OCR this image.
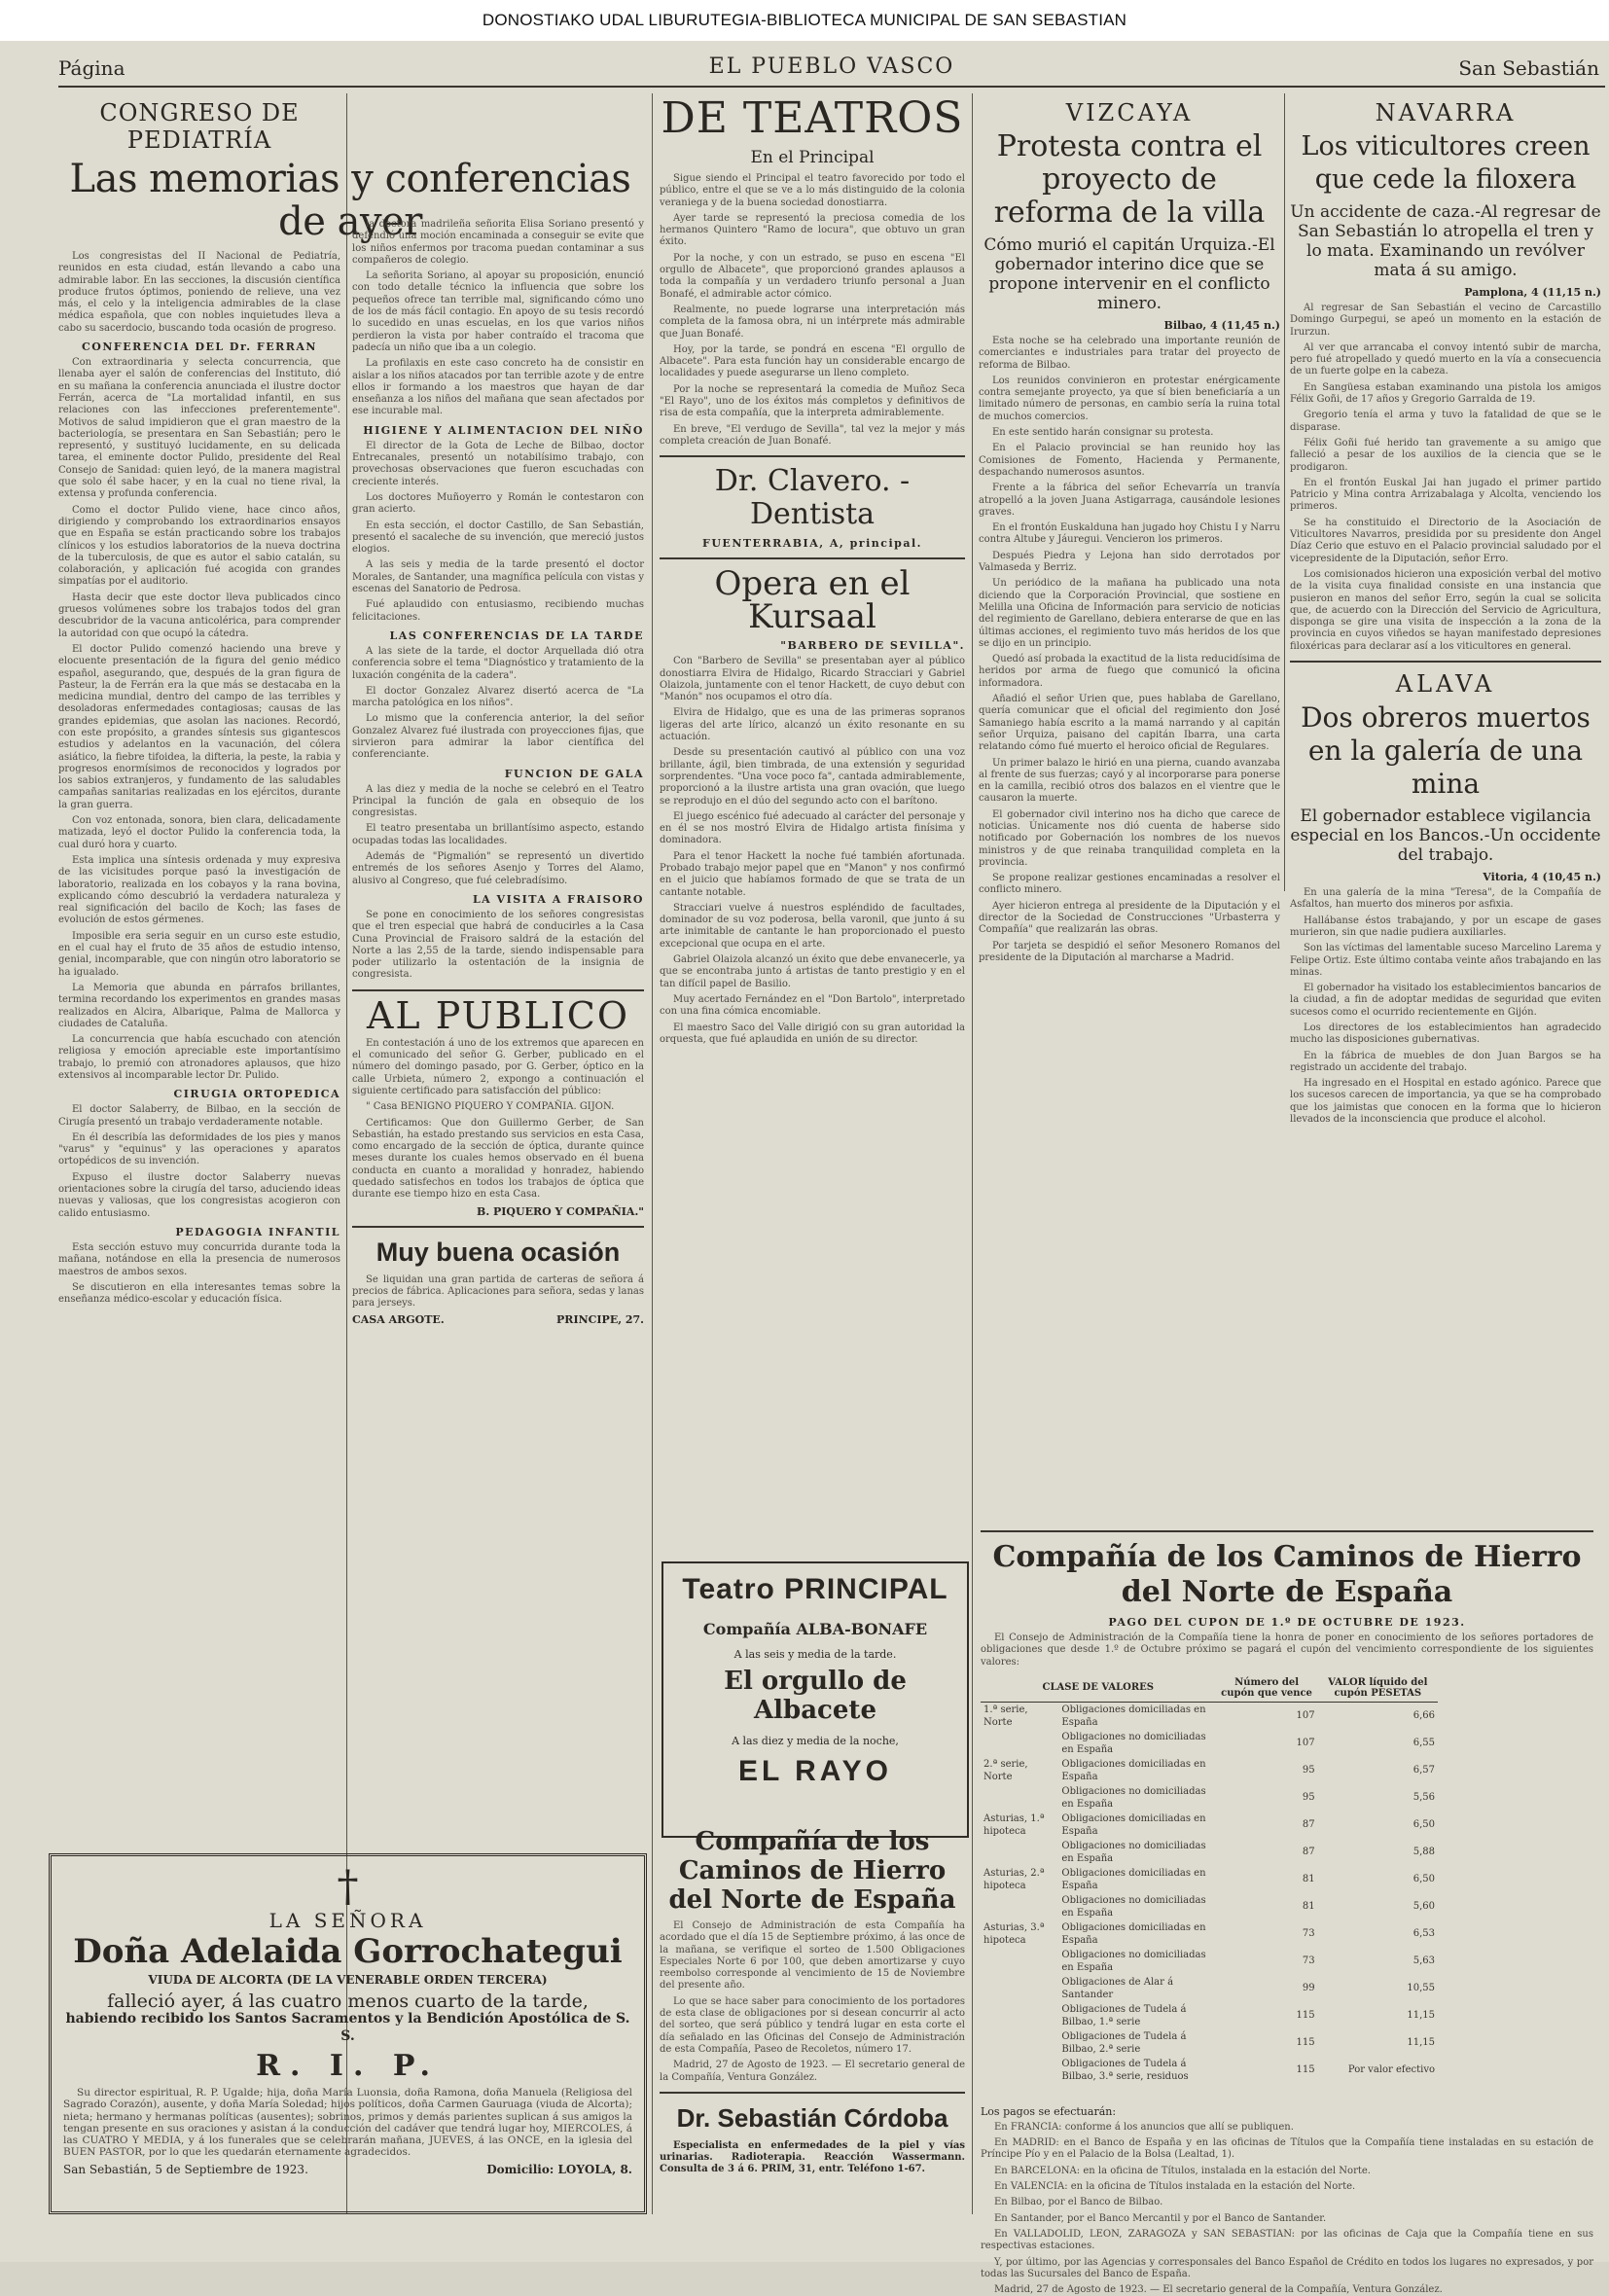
DONOSTIAKO UDAL LIBURUTEGIA-BIBLIOTECA MUNICIPAL DE SAN SEBASTIAN
Página	EL PUEBLO VASCO	San Sebastián
CONGRESO DE PEDIATRÍA
Las memorias y conferencias de ayer

Los congresistas del II Nacional de Pediatría, reunidos en esta ciudad, están llevando a cabo una admirable labor. En las secciones, la discusión científica produce frutos óptimos, poniendo de relieve, una vez más, el celo y la inteligencia admirables de la clase médica española, que con nobles inquietudes lleva a cabo su sacerdocio, buscando toda ocasión de progreso.

CONFERENCIA DEL Dr. FERRAN

Con extraordinaria y selecta concurrencia, que llenaba ayer el salón de conferencias del Instituto, dió en su mañana la conferencia anunciada el ilustre doctor Ferrán, acerca de "La mortalidad infantil, en sus relaciones con las infecciones preferentemente". Motivos de salud impidieron que el gran maestro de la bacteriología, se presentara en San Sebastián; pero le representó, y sustituyó lucidamente, en su delicada tarea, el eminente doctor Pulido, presidente del Real Consejo de Sanidad: quien leyó, de la manera magistral que solo él sabe hacer, y en la cual no tiene rival, la extensa y profunda conferencia.

Como el doctor Pulido viene, hace cinco años, dirigiendo y comprobando los extraordinarios ensayos que en España se están practicando sobre los trabajos clínicos y los estudios laboratorios de la nueva doctrina de la tuberculosis, de que es autor el sabio catalán, su colaboración, y aplicación fué acogida con grandes simpatías por el auditorio.

Hasta decir que este doctor lleva publicados cinco gruesos volúmenes sobre los trabajos todos del gran descubridor de la vacuna anticolérica, para comprender la autoridad con que ocupó la cátedra.

El doctor Pulido comenzó haciendo una breve y elocuente presentación de la figura del genio médico español, asegurando, que, después de la gran figura de Pasteur, la de Ferrán era la que más se destacaba en la medicina mundial, dentro del campo de las terribles y desoladoras enfermedades contagiosas; causas de las grandes epidemias, que asolan las naciones. Recordó, con este propósito, a grandes síntesis sus gigantescos estudios y adelantos en la vacunación, del cólera asiático, la fiebre tifoidea, la difteria, la peste, la rabia y progresos enormísimos de reconocidos y logrados por los sabios extranjeros, y fundamento de las saludables campañas sanitarias realizadas en los ejércitos, durante la gran guerra.

Con voz entonada, sonora, bien clara, delicadamente matizada, leyó el doctor Pulido la conferencia toda, la cual duró hora y cuarto.

Esta implica una síntesis ordenada y muy expresiva de las vicisitudes porque pasó la investigación de laboratorio, realizada en los cobayos y la rana bovina, explicando cómo descubrió la verdadera naturaleza y real significación del bacilo de Koch; las fases de evolución de estos gérmenes.

Imposible era seria seguir en un curso este estudio, en el cual hay el fruto de 35 años de estudio intenso, genial, incomparable, que con ningún otro laboratorio se ha igualado.

La Memoria que abunda en párrafos brillantes, termina recordando los experimentos en grandes masas realizados en Alcira, Albarique, Palma de Mallorca y ciudades de Cataluña.

La concurrencia que había escuchado con atención religiosa y emoción apreciable este importantísimo trabajo, lo premió con atronadores aplausos, que hizo extensivos al incomparable lector Dr. Pulido.

CIRUGIA ORTOPEDICA

El doctor Salaberry, de Bilbao, en la sección de Cirugía presentó un trabajo verdaderamente notable.

En él describía las deformidades de los pies y manos "varus" y "equinus" y las operaciones y aparatos ortopédicos de su invención.

Expuso el ilustre doctor Salaberry nuevas orientaciones sobre la cirugía del tarso, aduciendo ideas nuevas y valiosas, que los congresistas acogieron con calido entusiasmo.

PEDAGOGIA INFANTIL

Esta sección estuvo muy concurrida durante toda la mañana, notándose en ella la presencia de numerosos maestros de ambos sexos.

Se discutieron en ella interesantes temas sobre la enseñanza médico-escolar y educación física.

la doctora madrileña señorita Elisa Soriano presentó y defendió una moción encaminada a conseguir se evite que los niños enfermos por tracoma puedan contaminar a sus compañeros de colegio.

La señorita Soriano, al apoyar su proposición, enunció con todo detalle técnico la influencia que sobre los pequeños ofrece tan terrible mal, significando cómo uno de los de más fácil contagio. En apoyo de su tesis recordó lo sucedido en unas escuelas, en los que varios niños perdieron la vista por haber contraído el tracoma que padecía un niño que iba a un colegio.

La profilaxis en este caso concreto ha de consistir en aislar a los niños atacados por tan terrible azote y de entre ellos ir formando a los maestros que hayan de dar enseñanza a los niños del mañana que sean afectados por ese incurable mal.

HIGIENE Y ALIMENTACION DEL NIÑO

El director de la Gota de Leche de Bilbao, doctor Entrecanales, presentó un notabilísimo trabajo, con provechosas observaciones que fueron escuchadas con creciente interés.

Los doctores Muñoyerro y Román le contestaron con gran acierto.

En esta sección, el doctor Castillo, de San Sebastián, presentó el sacaleche de su invención, que mereció justos elogios.

A las seis y media de la tarde presentó el doctor Morales, de Santander, una magnífica película con vistas y escenas del Sanatorio de Pedrosa.

Fué aplaudido con entusiasmo, recibiendo muchas felicitaciones.

LAS CONFERENCIAS DE LA TARDE

A las siete de la tarde, el doctor Arquellada dió otra conferencia sobre el tema "Diagnóstico y tratamiento de la luxación congénita de la cadera".

El doctor Gonzalez Alvarez disertó acerca de "La marcha patológica en los niños".

Lo mismo que la conferencia anterior, la del señor Gonzalez Alvarez fué ilustrada con proyecciones fijas, que sirvieron para admirar la labor científica del conferenciante.

FUNCION DE GALA

A las diez y media de la noche se celebró en el Teatro Principal la función de gala en obsequio de los congresistas.

El teatro presentaba un brillantísimo aspecto, estando ocupadas todas las localidades.

Además de "Pigmalión" se representó un divertido entremés de los señores Asenjo y Torres del Alamo, alusivo al Congreso, que fué celebradísimo.

LA VISITA A FRAISORO

Se pone en conocimiento de los señores congresistas que el tren especial que habrá de conducirles a la Casa Cuna Provincial de Fraisoro saldrá de la estación del Norte a las 2,55 de la tarde, siendo indispensable para poder utilizarlo la ostentación de la insignia de congresista.

AL PUBLICO

En contestación á uno de los extremos que aparecen en el comunicado del señor G. Gerber, publicado en el número del domingo pasado, por G. Gerber, óptico en la calle Urbieta, número 2, expongo a continuación el siguiente certificado para satisfacción del público:

" Casa BENIGNO PIQUERO Y COMPAÑIA. GIJON.

Certificamos: Que don Guillermo Gerber, de San Sebastián, ha estado prestando sus servicios en esta Casa, como encargado de la sección de óptica, durante quince meses durante los cuales hemos observado en él buena conducta en cuanto a moralidad y honradez, habiendo quedado satisfechos en todos los trabajos de óptica que durante ese tiempo hizo en esta Casa.

B. PIQUERO Y COMPAÑIA."
Muy buena ocasión

Se liquidan una gran partida de carteras de señora á precios de fábrica. Aplicaciones para señora, sedas y lanas para jerseys.

CASA ARGOTE.	PRINCIPE, 27.
DE TEATROS
En el Principal

Sigue siendo el Principal el teatro favorecido por todo el público, entre el que se ve a lo más distinguido de la colonia veraniega y de la buena sociedad donostiarra.

Ayer tarde se representó la preciosa comedia de los hermanos Quintero "Ramo de locura", que obtuvo un gran éxito.

Por la noche, y con un estrado, se puso en escena "El orgullo de Albacete", que proporcionó grandes aplausos a toda la compañía y un verdadero triunfo personal a Juan Bonafé, el admirable actor cómico.

Realmente, no puede lograrse una interpretación más completa de la famosa obra, ni un intérprete más admirable que Juan Bonafé.

Hoy, por la tarde, se pondrá en escena "El orgullo de Albacete". Para esta función hay un considerable encargo de localidades y puede asegurarse un lleno completo.

Por la noche se representará la comedia de Muñoz Seca "El Rayo", uno de los éxitos más completos y definitivos de risa de esta compañía, que la interpreta admirablemente.

En breve, "El verdugo de Sevilla", tal vez la mejor y más completa creación de Juan Bonafé.

Dr. Clavero. - Dentista
FUENTERRABIA, A, principal.
Opera en el Kursaal
"BARBERO DE SEVILLA".

Con "Barbero de Sevilla" se presentaban ayer al público donostiarra Elvira de Hidalgo, Ricardo Stracciari y Gabriel Olaizola, juntamente con el tenor Hackett, de cuyo debut con "Manón" nos ocupamos el otro día.

Elvira de Hidalgo, que es una de las primeras sopranos ligeras del arte lírico, alcanzó un éxito resonante en su actuación.

Desde su presentación cautivó al público con una voz brillante, ágil, bien timbrada, de una extensión y seguridad sorprendentes. "Una voce poco fa", cantada admirablemente, proporcionó a la ilustre artista una gran ovación, que luego se reprodujo en el dúo del segundo acto con el barítono.

El juego escénico fué adecuado al carácter del personaje y en él se nos mostró Elvira de Hidalgo artista finísima y dominadora.

Para el tenor Hackett la noche fué también afortunada. Probado trabajo mejor papel que en "Manon" y nos confirmó en el juicio que habíamos formado de que se trata de un cantante notable.

Stracciari vuelve á nuestros espléndido de facultades, dominador de su voz poderosa, bella varonil, que junto á su arte inimitable de cantante le han proporcionado el puesto excepcional que ocupa en el arte.

Gabriel Olaizola alcanzó un éxito que debe envanecerle, ya que se encontraba junto á artistas de tanto prestigio y en el tan difícil papel de Basilio.

Muy acertado Fernández en el "Don Bartolo", interpretado con una fina cómica encomiable.

El maestro Saco del Valle dirigió con su gran autoridad la orquesta, que fué aplaudida en unión de su director.

Teatro PRINCIPAL
Compañía ALBA-BONAFE
A las seis y media de la tarde.
El orgullo de Albacete
A las diez y media de la noche,
EL RAYO
Compañía de los Caminos de Hierro del Norte de España

El Consejo de Administración de esta Compañía ha acordado que el día 15 de Septiembre próximo, á las once de la mañana, se verifique el sorteo de 1.500 Obligaciones Especiales Norte 6 por 100, que deben amortizarse y cuyo reembolso corresponde al vencimiento de 15 de Noviembre del presente año.

Lo que se hace saber para conocimiento de los portadores de esta clase de obligaciones por si desean concurrir al acto del sorteo, que será público y tendrá lugar en esta corte el día señalado en las Oficinas del Consejo de Administración de esta Compañía, Paseo de Recoletos, número 17.

Madrid, 27 de Agosto de 1923. — El secretario general de la Compañía, Ventura González.

Dr. Sebastián Córdoba

Especialista en enfermedades de la piel y vías urinarias. Radioterapia. Reacción Wassermann. Consulta de 3 á 6. PRIM, 31, entr. Teléfono 1-67.

VIZCAYA
Protesta contra el proyecto de reforma de la villa
Cómo murió el capitán Urquiza.-El gobernador interino dice que se propone intervenir en el conflicto minero.
Bilbao, 4 (11,45 n.)

Esta noche se ha celebrado una importante reunión de comerciantes e industriales para tratar del proyecto de reforma de Bilbao.

Los reunidos convinieron en protestar enérgicamente contra semejante proyecto, ya que sí bien beneficiaría a un limitado número de personas, en cambio sería la ruina total de muchos comercios.

En este sentido harán consignar su protesta.

En el Palacio provincial se han reunido hoy las Comisiones de Fomento, Hacienda y Permanente, despachando numerosos asuntos.

Frente a la fábrica del señor Echevarría un tranvía atropelló a la joven Juana Astigarraga, causándole lesiones graves.

En el frontón Euskalduna han jugado hoy Chistu I y Narru contra Altube y Jáuregui. Vencieron los primeros.

Después Piedra y Lejona han sido derrotados por Valmaseda y Berriz.

Un periódico de la mañana ha publicado una nota diciendo que la Corporación Provincial, que sostiene en Melilla una Oficina de Información para servicio de noticias del regimiento de Garellano, debiera enterarse de que en las últimas acciones, el regimiento tuvo más heridos de los que se dijo en un principio.

Quedó así probada la exactitud de la lista reducidísima de heridos por arma de fuego que comunicó la oficina informadora.

Añadió el señor Urien que, pues hablaba de Garellano, quería comunicar que el oficial del regimiento don José Samaniego había escrito a la mamá narrando y al capitán señor Urquiza, paisano del capitán Ibarra, una carta relatando cómo fué muerto el heroico oficial de Regulares.

Un primer balazo le hirió en una pierna, cuando avanzaba al frente de sus fuerzas; cayó y al incorporarse para ponerse en la camilla, recibió otros dos balazos en el vientre que le causaron la muerte.

El gobernador civil interino nos ha dicho que carece de noticias. Únicamente nos dió cuenta de haberse sido notificado por Gobernación los nombres de los nuevos ministros y de que reinaba tranquilidad completa en la provincia.

Se propone realizar gestiones encaminadas a resolver el conflicto minero.

Ayer hicieron entrega al presidente de la Diputación y el director de la Sociedad de Construcciones "Urbasterra y Compañía" que realizarán las obras.

Por tarjeta se despidió el señor Mesonero Romanos del presidente de la Diputación al marcharse a Madrid.

NAVARRA
Los viticultores creen que cede la filoxera
Un accidente de caza.-Al regresar de San Sebastián lo atropella el tren y lo mata. Examinando un revólver mata á su amigo.
Pamplona, 4 (11,15 n.)

Al regresar de San Sebastián el vecino de Carcastillo Domingo Gurpegui, se apeó un momento en la estación de Irurzun.

Al ver que arrancaba el convoy intentó subir de marcha, pero fué atropellado y quedó muerto en la vía a consecuencia de un fuerte golpe en la cabeza.

En Sangüesa estaban examinando una pistola los amigos Félix Goñi, de 17 años y Gregorio Garralda de 19.

Gregorio tenía el arma y tuvo la fatalidad de que se le disparase.

Félix Goñi fué herido tan gravemente a su amigo que falleció a pesar de los auxilios de la ciencia que se le prodigaron.

En el frontón Euskal Jai han jugado el primer partido Patricio y Mina contra Arrizabalaga y Alcolta, venciendo los primeros.

Se ha constituido el Directorio de la Asociación de Viticultores Navarros, presidida por su presidente don Angel Díaz Cerio que estuvo en el Palacio provincial saludado por el vicepresidente de la Diputación, señor Erro.

Los comisionados hicieron una exposición verbal del motivo de la visita cuya finalidad consiste en una instancia que pusieron en manos del señor Erro, según la cual se solicita que, de acuerdo con la Dirección del Servicio de Agricultura, disponga se gire una visita de inspección a la zona de la provincia en cuyos viñedos se hayan manifestado depresiones filoxéricas para declarar así a los viticultores en general.

ALAVA
Dos obreros muertos en la galería de una mina
El gobernador establece vigilancia especial en los Bancos.-Un occidente del trabajo.
Vitoria, 4 (10,45 n.)

En una galería de la mina "Teresa", de la Compañía de Asfaltos, han muerto dos mineros por asfixia.

Hallábanse éstos trabajando, y por un escape de gases murieron, sin que nadie pudiera auxiliarles.

Son las víctimas del lamentable suceso Marcelino Larema y Felipe Ortiz. Este último contaba veinte años trabajando en las minas.

El gobernador ha visitado los establecimientos bancarios de la ciudad, a fin de adoptar medidas de seguridad que eviten sucesos como el ocurrido recientemente en Gijón.

Los directores de los establecimientos han agradecido mucho las disposiciones gubernativas.

En la fábrica de muebles de don Juan Bargos se ha registrado un accidente del trabajo.

Ha ingresado en el Hospital en estado agónico. Parece que los sucesos carecen de importancia, ya que se ha comprobado que los jaimistas que conocen en la forma que lo hicieron llevados de la inconsciencia que produce el alcohol.

Compañía de los Caminos de Hierro del Norte de España
PAGO DEL CUPON DE 1.º DE OCTUBRE DE 1923.

El Consejo de Administración de la Compañía tiene la honra de poner en conocimiento de los señores portadores de obligaciones que desde 1.º de Octubre próximo se pagará el cupón del vencimiento correspondiente de los siguientes valores:

CLASE DE VALORES		Número del cupón que vence	VALOR líquido del cupón PESETAS
1.ª serie, Norte	Obligaciones domiciliadas en España	107	6,66
	Obligaciones no domiciliadas en España	107	6,55
2.ª serie, Norte	Obligaciones domiciliadas en España	95	6,57
	Obligaciones no domiciliadas en España	95	5,56
Asturias, 1.ª hipoteca	Obligaciones domiciliadas en España	87	6,50
	Obligaciones no domiciliadas en España	87	5,88
Asturias, 2.ª hipoteca	Obligaciones domiciliadas en España	81	6,50
	Obligaciones no domiciliadas en España	81	5,60
Asturias, 3.ª hipoteca	Obligaciones domiciliadas en España	73	6,53
	Obligaciones no domiciliadas en España	73	5,63
	Obligaciones de Alar á Santander	99	10,55
	Obligaciones de Tudela á Bilbao, 1.ª serie	115	11,15
	Obligaciones de Tudela á Bilbao, 2.ª serie	115	11,15
	Obligaciones de Tudela á Bilbao, 3.ª serie, residuos	115	Por valor efectivo
Los pagos se efectuarán:

En FRANCIA: conforme á los anuncios que allí se publiquen.

En MADRID: en el Banco de España y en las oficinas de Títulos que la Compañía tiene instaladas en su estación de Príncipe Pío y en el Palacio de la Bolsa (Lealtad, 1).

En BARCELONA: en la oficina de Títulos, instalada en la estación del Norte.

En VALENCIA: en la oficina de Títulos instalada en la estación del Norte.

En Bilbao, por el Banco de Bilbao.

En Santander, por el Banco Mercantil y por el Banco de Santander.

En VALLADOLID, LEON, ZARAGOZA y SAN SEBASTIAN: por las oficinas de Caja que la Compañía tiene en sus respectivas estaciones.

Y, por último, por las Agencias y corresponsales del Banco Español de Crédito en todos los lugares no expresados, y por todas las Sucursales del Banco de España.

Madrid, 27 de Agosto de 1923. — El secretario general de la Compañía, Ventura González.

†
LA SEÑORA
Doña Adelaida Gorrochategui
VIUDA DE ALCORTA (DE LA VENERABLE ORDEN TERCERA)
falleció ayer, á las cuatro menos cuarto de la tarde,
habiendo recibido los Santos Sacramentos y la Bendición Apostólica de S. S.
R. I. P.

Su director espiritual, R. P. Ugalde; hija, doña María Luonsia, doña Ramona, doña Manuela (Religiosa del Sagrado Corazón), ausente, y doña María Soledad; hijos políticos, doña Carmen Gauruaga (viuda de Alcorta); nieta; hermano y hermanas políticas (ausentes); sobrinos, primos y demás parientes suplican á sus amigos la tengan presente en sus oraciones y asistan á la conducción del cadáver que tendrá lugar hoy, MIERCOLES, á las CUATRO Y MEDIA, y á los funerales que se celebrarán mañana, JUEVES, á las ONCE, en la iglesia del BUEN PASTOR, por lo que les quedarán eternamente agradecidos.

San Sebastián, 5 de Septiembre de 1923.	Domicilio: LOYOLA, 8.
